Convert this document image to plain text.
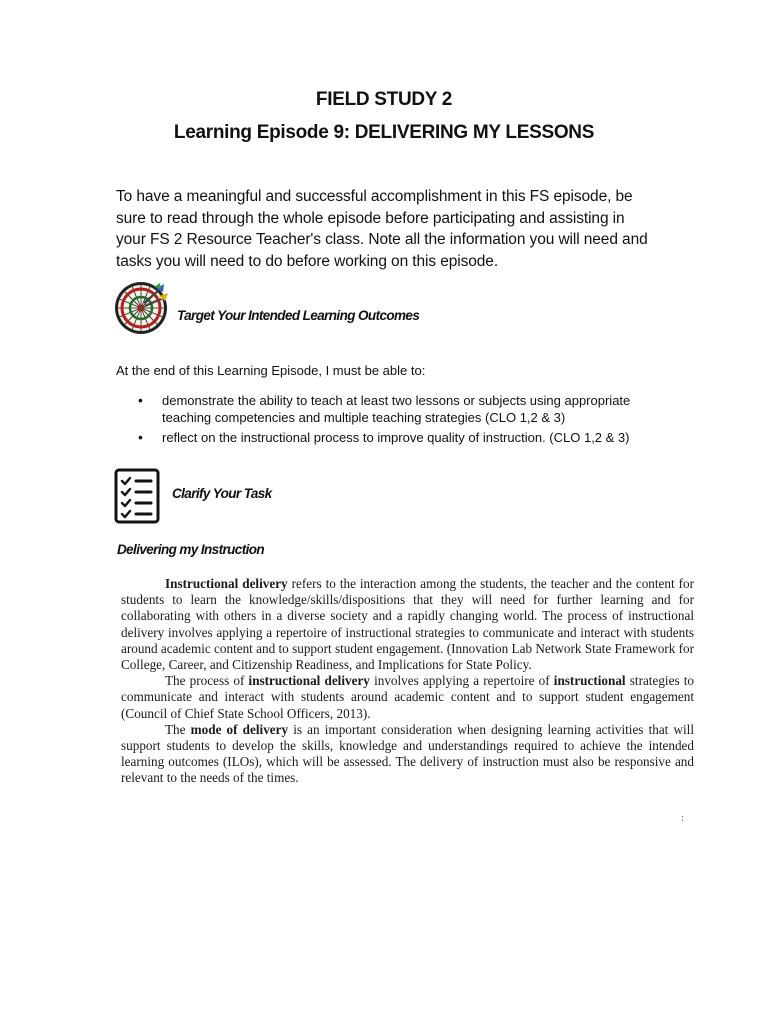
FIELD STUDY 2
Learning Episode 9: DELIVERING MY LESSONS
To have a meaningful and successful accomplishment in this FS episode, be sure to read through the whole episode before participating and assisting in your FS 2 Resource Teacher's class. Note all the information you will need and tasks you will need to do before working on this episode.
Target Your Intended Learning Outcomes
At the end of this Learning Episode, I must be able to:
• demonstrate the ability to teach at least two lessons or subjects using appropriate teaching competencies and multiple teaching strategies (CLO 1,2 & 3)
• reflect on the instructional process to improve quality of instruction. (CLO 1,2 & 3)
Clarify Your Task
Delivering my Instruction

Instructional delivery refers to the interaction among the students, the teacher and the content for students to learn the knowledge/skills/dispositions that they will need for further learning and for collaborating with others in a diverse society and a rapidly changing world. The process of instructional delivery involves applying a repertoire of instructional strategies to communicate and interact with students around academic content and to support student engagement. (Innovation Lab Network State Framework for College, Career, and Citizenship Readiness, and Implications for State Policy.

The process of instructional delivery involves applying a repertoire of instructional strategies to communicate and interact with students around academic content and to support student engagement (Council of Chief State School Officers, 2013).

The mode of delivery is an important consideration when designing learning activities that will support students to develop the skills, knowledge and understandings required to achieve the intended learning outcomes (ILOs), which will be assessed. The delivery of instruction must also be responsive and relevant to the needs of the times.

:
